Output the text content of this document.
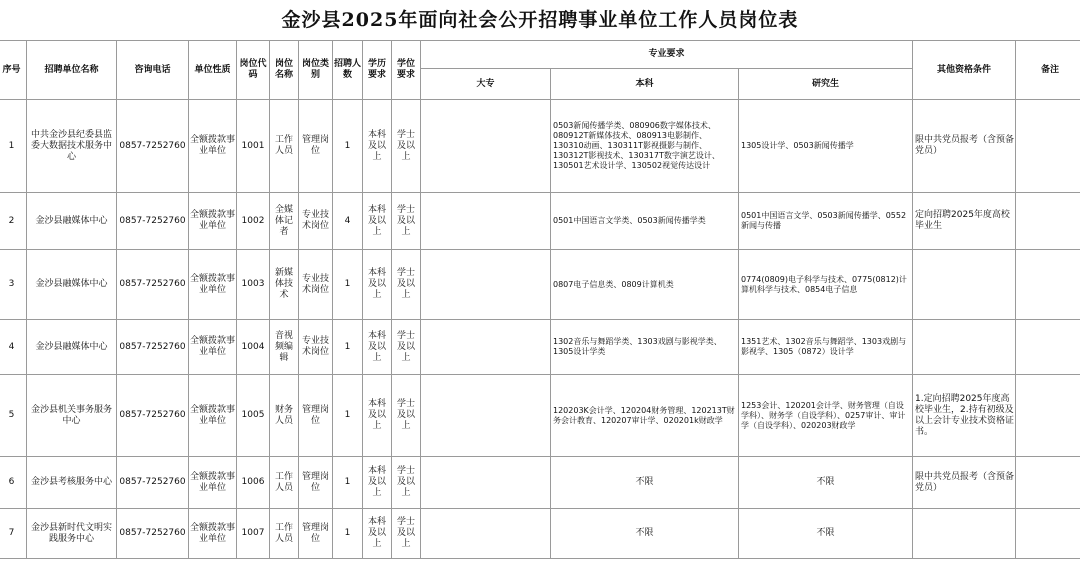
金沙县2025年面向社会公开招聘事业单位工作人员岗位表
序号	招聘单位名称	咨询电话	单位性质	岗位代码	岗位名称	岗位类别	招聘人数	学历要求	学位要求	专业要求			其他资格条件	备注
										大专	本科	研究生		
1	中共金沙县纪委县监委大数据技术服务中心	0857-7252760	全额拨款事业单位	1001	工作人员	管理岗位	1	本科及以上	学士及以上		0503新闻传播学类、080906数字媒体技术、080912T新媒体技术、080913电影制作、130310动画、130311T影视摄影与制作、130312T影视技术、130317T数字演艺设计、130501艺术设计学、130502视觉传达设计	1305设计学、0503新闻传播学	限中共党员报考（含预备党员）	
2	金沙县融媒体中心	0857-7252760	全额拨款事业单位	1002	全媒体记者	专业技术岗位	4	本科及以上	学士及以上		0501中国语言文学类、0503新闻传播学类	0501中国语言文学、0503新闻传播学、0552新闻与传播	定向招聘2025年度高校毕业生	
3	金沙县融媒体中心	0857-7252760	全额拨款事业单位	1003	新媒体技术	专业技术岗位	1	本科及以上	学士及以上		0807电子信息类、0809计算机类	0774(0809)电子科学与技术、0775(0812)计算机科学与技术、0854电子信息		
4	金沙县融媒体中心	0857-7252760	全额拨款事业单位	1004	音视频编辑	专业技术岗位	1	本科及以上	学士及以上		1302音乐与舞蹈学类、1303戏剧与影视学类、1305设计学类	1351艺术、1302音乐与舞蹈学、1303戏剧与影视学、1305（0872）设计学		
5	金沙县机关事务服务中心	0857-7252760	全额拨款事业单位	1005	财务人员	管理岗位	1	本科及以上	学士及以上		120203K会计学、120204财务管理、120213T财务会计教育、120207审计学、020201k财政学	1253会计、120201会计学、财务管理（自设学科）、财务学（自设学科）、0257审计、审计学（自设学科）、020203财政学	1.定向招聘2025年度高校毕业生，2.持有初级及以上会计专业技术资格证书。	
6	金沙县考核服务中心	0857-7252760	全额拨款事业单位	1006	工作人员	管理岗位	1	本科及以上	学士及以上		不限	不限	限中共党员报考（含预备党员）	
7	金沙县新时代文明实践服务中心	0857-7252760	全额拨款事业单位	1007	工作人员	管理岗位	1	本科及以上	学士及以上		不限	不限		
